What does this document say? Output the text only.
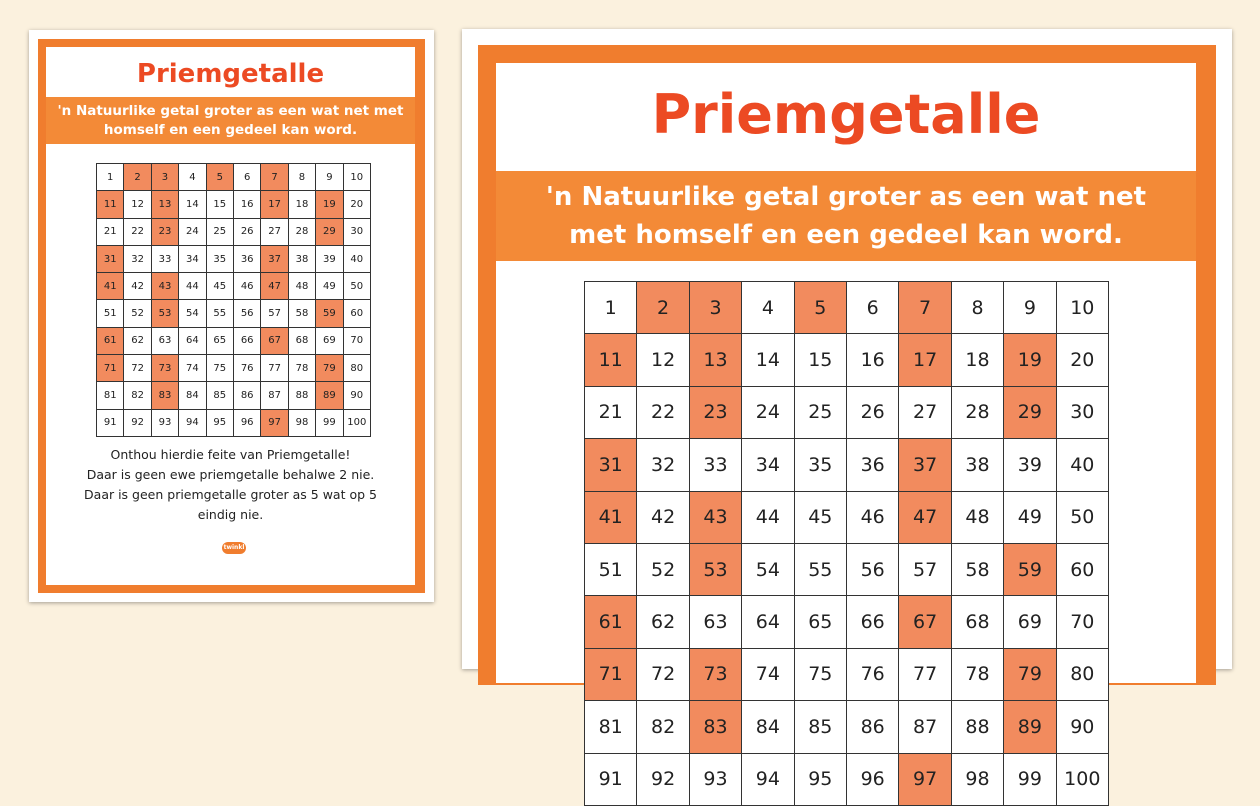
Priemgetalle
'n Natuurlike getal groter as een wat net met homself en een gedeel kan word.
1	2	3	4	5	6	7	8	9	10
11	12	13	14	15	16	17	18	19	20
21	22	23	24	25	26	27	28	29	30
31	32	33	34	35	36	37	38	39	40
41	42	43	44	45	46	47	48	49	50
51	52	53	54	55	56	57	58	59	60
61	62	63	64	65	66	67	68	69	70
71	72	73	74	75	76	77	78	79	80
81	82	83	84	85	86	87	88	89	90
91	92	93	94	95	96	97	98	99	100

Onthou hierdie feite van Priemgetalle!

Daar is geen ewe priemgetalle behalwe 2 nie.

Daar is geen priemgetalle groter as 5 wat op 5 eindig nie.

twinkl
Priemgetalle
'n Natuurlike getal groter as een wat net met homself en een gedeel kan word.
1	2	3	4	5	6	7	8	9	10
11	12	13	14	15	16	17	18	19	20
21	22	23	24	25	26	27	28	29	30
31	32	33	34	35	36	37	38	39	40
41	42	43	44	45	46	47	48	49	50
51	52	53	54	55	56	57	58	59	60
61	62	63	64	65	66	67	68	69	70
71	72	73	74	75	76	77	78	79	80
81	82	83	84	85	86	87	88	89	90
91	92	93	94	95	96	97	98	99	100
